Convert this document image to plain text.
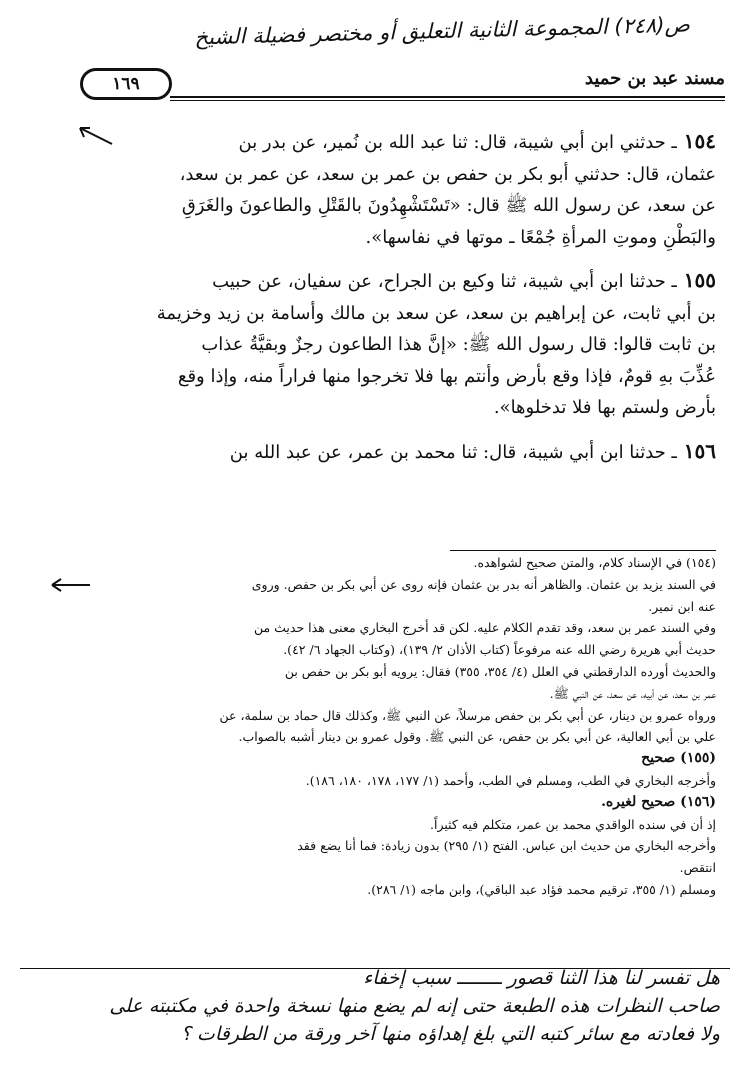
ص(٢٤٨) المجموعة الثانية التعليق أو مختصر فضيلة الشيخ
١٦٩	مسند عبد بن حميد

١٥٤ ـ حدثني ابن أبي شيبة، قال: ثنا عبد الله بن نُمير، عن بدر بن
عثمان، قال: حدثني أبو بكر بن حفص بن عمر بن سعد، عن عمر بن سعد،
عن سعد، عن رسول الله ﷺ قال: «تَسْتَشْهِدُونَ بالقَتْلِ والطاعونَ والغَرَقِ
والبَطْنِ وموتِ المرأةِ جُمْعًا ـ موتها في نفاسها».

١٥٥ ـ حدثنا ابن أبي شيبة، ثنا وكيع بن الجراح، عن سفيان، عن حبيب
بن أبي ثابت، عن إبراهيم بن سعد، عن سعد بن مالك وأسامة بن زيد وخزيمة
بن ثابت قالوا: قال رسول الله ﷺ: «إنَّ هذا الطاعون رجزٌ وبقيَّةُ عذاب
عُذِّبَ بهِ قومٌ، فإذا وقع بأرض وأنتم بها فلا تخرجوا منها فراراً منه، وإذا وقع
بأرض ولستم بها فلا تدخلوها».

١٥٦ ـ حدثنا ابن أبي شيبة، قال: ثنا محمد بن عمر، عن عبد الله بن

(١٥٤) في الإسناد كلام، والمتن صحيح لشواهده.
في السند يزيد بن عثمان. والظاهر أنه بدر بن عثمان فإنه روى عن أبي بكر بن حفص. وروى
عنه ابن نمير.
وفي السند عمر بن سعد، وقد تقدم الكلام عليه. لكن قد أخرج البخاري معنى هذا حديث من
حديث أبي هريرة رضي الله عنه مرفوعاً (كتاب الأذان ٢/ ١٣٩)، (وكتاب الجهاد ٦/ ٤٢).
والحديث أورده الدارقطني في العلل (٤/ ٣٥٤، ٣٥٥) فقال: يرويه أبو بكر بن حفص بن
عمر بن سعد، عن أبيه، عن سعد، عن النبي ﷺ.
ورواه عمرو بن دينار، عن أبي بكر بن حفص مرسلاً، عن النبي ﷺ، وكذلك قال حماد بن سلمة، عن
علي بن أبي العالية، عن أبي بكر بن حفص، عن النبي ﷺ. وقول عمرو بن دينار أشبه بالصواب.
(١٥٥) صحيح
وأخرجه البخاري في الطب، ومسلم في الطب، وأحمد (١/ ١٧٧، ١٧٨، ١٨٠، ١٨٦).
(١٥٦) صحيح لغيره.
إذ أن في سنده الواقدي محمد بن عمر، متكلم فيه كثيراً.
وأخرجه البخاري من حديث ابن عباس. الفتح (١/ ٢٩٥) بدون زيادة: فما أنا يضع فقد
انتقص.
ومسلم (١/ ٣٥٥، ترقيم محمد فؤاد عبد الباقي)، وابن ماجه (١/ ٢٨٦).
هل تفسر لنا هذا الثنا قصور ــــــــ سبب إخفاء
صاحب النظرات هذه الطبعة حتى إنه لم يضع منها نسخة واحدة في مكتبته على
ولا فعادته مع سائر كتبه التي بلغ إهداؤه منها آخر ورقة من الطرقات ؟
